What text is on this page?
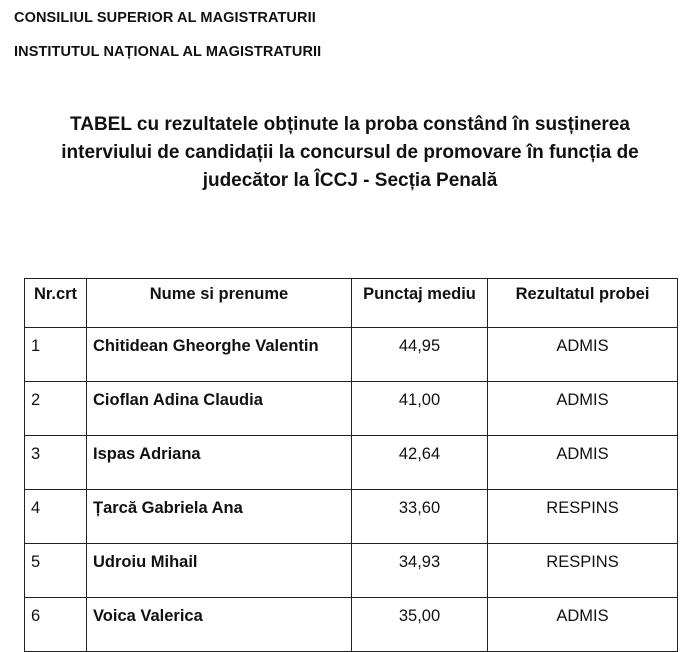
CONSILIUL SUPERIOR AL MAGISTRATURII
INSTITUTUL NAȚIONAL AL MAGISTRATURII
TABEL cu rezultatele obținute la proba constând în susținerea
interviului de candidații la concursul de promovare în funcția de
judecător la ÎCCJ - Secția Penală
Nr.crt	Nume si prenume	Punctaj mediu	Rezultatul probei
1	Chitidean Gheorghe Valentin	44,95	ADMIS
2	Cioflan Adina Claudia	41,00	ADMIS
3	Ispas Adriana	42,64	ADMIS
4	Țarcă Gabriela Ana	33,60	RESPINS
5	Udroiu Mihail	34,93	RESPINS
6	Voica Valerica	35,00	ADMIS
